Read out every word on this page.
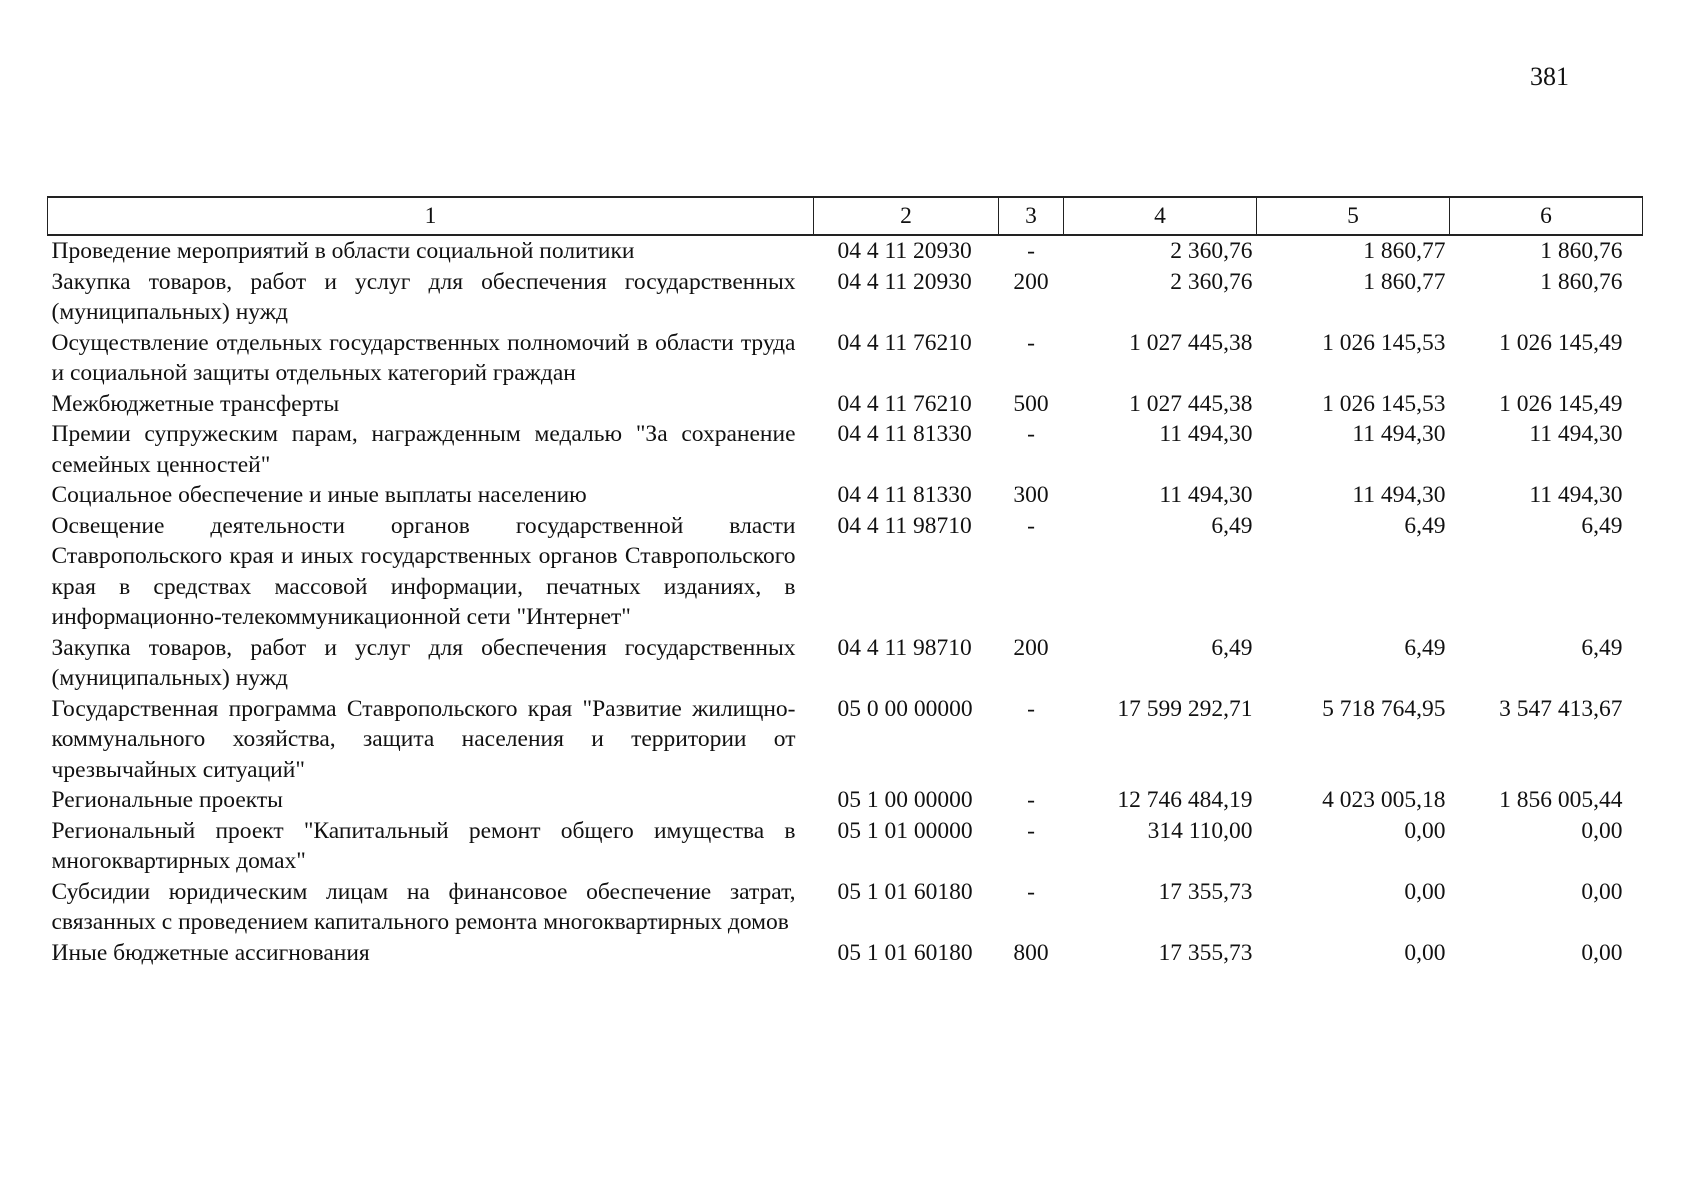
381
1	2	3	4	5	6
Проведение мероприятий в области социальной политики	04 4 11 20930	-	2 360,76	1 860,77	1 860,76
Закупка товаров, работ и услуг для обеспечения государственных (муниципальных) нужд	04 4 11 20930	200	2 360,76	1 860,77	1 860,76
Осуществление отдельных государственных полномочий в области труда и социальной защиты отдельных категорий граждан	04 4 11 76210	-	1 027 445,38	1 026 145,53	1 026 145,49
Межбюджетные трансферты	04 4 11 76210	500	1 027 445,38	1 026 145,53	1 026 145,49
Премии супружеским парам, награжденным медалью "За сохранение семейных ценностей"	04 4 11 81330	-	11 494,30	11 494,30	11 494,30
Социальное обеспечение и иные выплаты населению	04 4 11 81330	300	11 494,30	11 494,30	11 494,30
Освещение деятельности органов государственной власти Ставропольского края и иных государственных органов Ставропольского края в средствах массовой информации, печатных изданиях, в информационно-телекоммуникационной сети "Интернет"	04 4 11 98710	-	6,49	6,49	6,49
Закупка товаров, работ и услуг для обеспечения государственных (муниципальных) нужд	04 4 11 98710	200	6,49	6,49	6,49
Государственная программа Ставропольского края "Развитие жилищно-коммунального хозяйства, защита населения и территории от чрезвычайных ситуаций"	05 0 00 00000	-	17 599 292,71	5 718 764,95	3 547 413,67
Региональные проекты	05 1 00 00000	-	12 746 484,19	4 023 005,18	1 856 005,44
Региональный проект "Капитальный ремонт общего имущества в многоквартирных домах"	05 1 01 00000	-	314 110,00	0,00	0,00
Субсидии юридическим лицам на финансовое обеспечение затрат, связанных с проведением капитального ремонта многоквартирных домов	05 1 01 60180	-	17 355,73	0,00	0,00
Иные бюджетные ассигнования	05 1 01 60180	800	17 355,73	0,00	0,00
